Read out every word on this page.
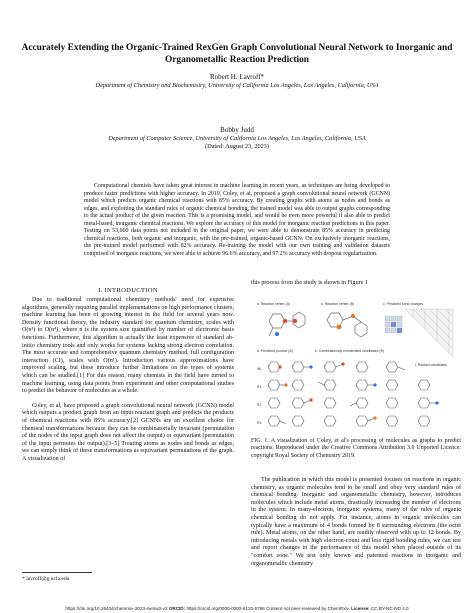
Accurately Extending the Organic-Trained RexGen Graph Convolutional Neural Network to Inorganic and Organometallic Reaction Prediction
Robert H. Lavroff*
Department of Chemistry and Biochemistry, University of California Los Angeles, Los Angeles, California, USA
Bobby Judd
Department of Computer Science, University of California Los Angeles, Los Angeles, California, USA
(Dated: August 23, 2023)
Computational chemists have taken great interest in machine learning in recent years, as techniques are being developed to produce faster predictions with higher accuracy. In 2019, Coley, et al, proposed a graph convolutional neural network (GCNN) model which predicts organic chemical reactions with 85% accuracy. By creating graphs with atoms as nodes and bonds as edges, and exploiting the standard rules of organic chemical bonding, the trained model was able to output graphs corresponding to the actual product of the given reaction. This is a promising model, and would be even more powerful if also able to predict metal-based, inorganic chemical reactions. We explore the accuracy of this model for inorganic reaction predictions in this paper. Testing on 53,000 data points not included in the original paper, we were able to demonstrate 85% accuracy in predicting chemical reactions, both organic and inorganic, with the pre-trained, organic-based GCNN. On exclusively inorganic reactions, the pre-trained model performed with 82% accuracy. Re-training the model with our own training and validation datasets comprised of inorganic reactions, we were able to achieve 96.6% accuracy, and 97.2% accuracy with dropout regularization.
I. INTRODUCTION

Due to traditional computational chemistry methods' need for expensive algorithms, generally requiring parallel implementations on high performance clusters, machine learning has been of growing interest in the field for several years now. Density functional theory, the industry standard for quantum chemistry, scales with O(n³) to O(n⁴), where n is the system size quantified by number of electronic basis functions. Furthermore, this algorithm is actually the least expensive of standard ab-initio chemistry tools and only works for systems lacking strong electron correlation. The most accurate and comprehensive quantum chemistry method, full configuration interaction (CI), scales with O(n!). Introduction various approximations have improved scaling, but these introduce further limitations on the types of systems which can be studied.[1] For this reason, many chemists in the field have turned to machine learning, using data points from experiment and other computational studies to predict the behavior of molecules as a whole.

Coley, et al, have proposed a graph convolutional neural network (GCNN) model which outputs a product graph from an input reactant graph and predicts the products of chemical reactions with 85% accuracy.[2] GCNNs are an excellent choice for chemical transformations because they can be combinatorially invariant (permutation of the nodes of the input graph does not affect the output) or equivariant (permutation of the input permutes the output).[3–5] Treating atoms as nodes and bonds as edges, we can simply think of these transformations as equivariant permutations of the graph. A visualization of

this process from the study is shown in Figure 1
a. Reaction center (A)	b. Reaction center (B)	c. Predicted bond changes
d. Predicted product (A)	e. Combinatorially enumerated candidates (B)
f. Ranked candidates
WL
R1
R2
R3
FIG. 1. A visualization of Coley, et al's processing of molecules as graphs to predict reactions. Reproduced under the Creative Commons Attribution 3.0 Unported Licence: copyright Royal Society of Chemistry 2019.

The publication in which this model is presented focuses on reactions in organic chemistry, as organic molecules tend to be small and obey very standard rules of chemical bonding. Inorganic and organometallic chemistry, however, introduces molecules which include metal atoms, drastically increasing the number of electrons in the system. In many-electron, inorganic systems, many of the rules of organic chemical bonding do not apply. For instance, atoms in organic molecules can typically have a maximum of 4 bonds formed by 8 surrounding electrons (the octet rule). Metal atoms, on the other hand, are readily observed with up to 12 bonds. By introducing metals with high electron-count and less rigid bonding rules, we can test and report changes in the performance of this model when placed outside of its "comfort zone." We test only known and patented reactions in inorganic and organometallic chemistry

* lavroff@g.ucla.edu
https://doi.org/10.26434/chemrxiv-2023-rwmw2-v2 ORCID: https://orcid.org/0000-0002-6133-5766 Content not peer-reviewed by ChemRxiv. License: CC BY-NC-ND 4.0
